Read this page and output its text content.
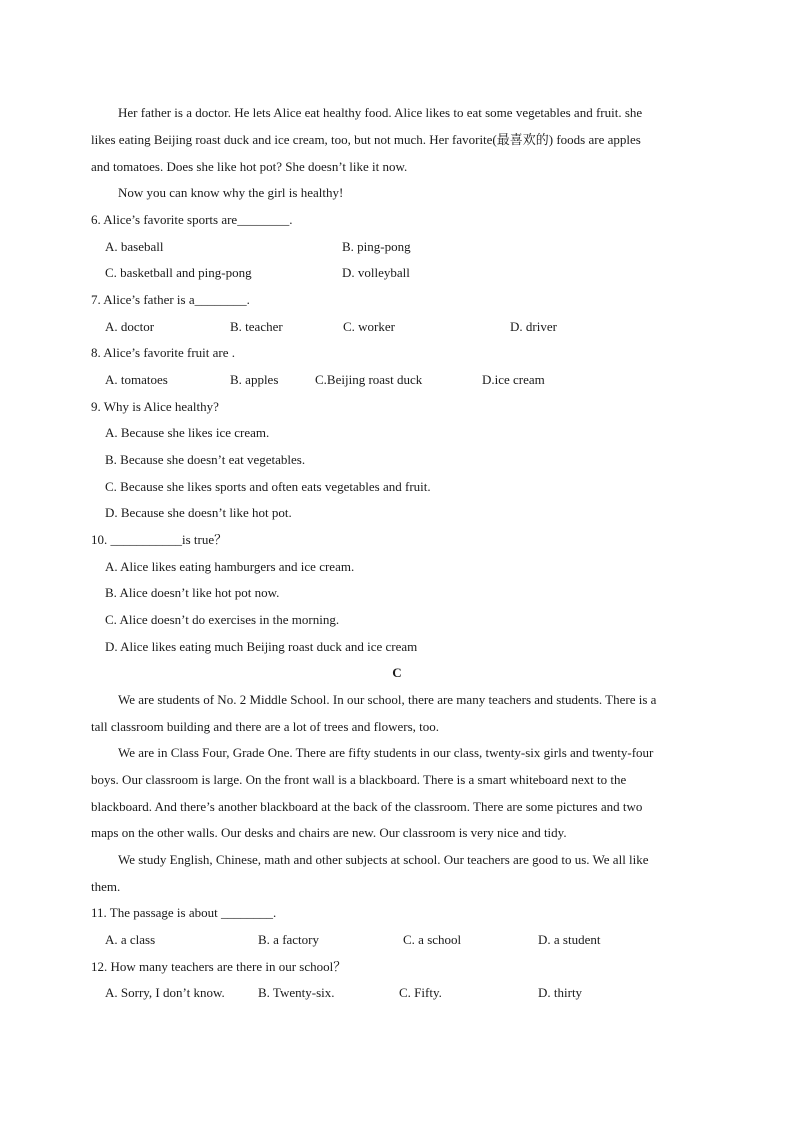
Her father is a doctor. He lets Alice eat healthy food. Alice likes to eat some vegetables and fruit. she
likes eating Beijing roast duck and ice cream, too, but not much. Her favorite(最喜欢的) foods are apples
and tomatoes. Does she like hot pot? She doesn’t like it now.
Now you can know why the girl is healthy!
6. Alice’s favorite sports are________.
A. baseball	B. ping-pong
C. basketball and ping-pong	D. volleyball
7. Alice’s father is a________.
A. doctor	B. teacher	C. worker	D. driver
8. Alice’s favorite fruit are .
A. tomatoes	B. apples	C.Beijing roast duck	D.ice cream
9. Why is Alice healthy?
A. Because she likes ice cream.
B. Because she doesn’t eat vegetables.
C. Because she likes sports and often eats vegetables and fruit.
D. Because she doesn’t like hot pot.
10. ___________is true？
A. Alice likes eating hamburgers and ice cream.
B. Alice doesn’t like hot pot now.
C. Alice doesn’t do exercises in the morning.
D. Alice likes eating much Beijing roast duck and ice cream
C
We are students of No. 2 Middle School. In our school, there are many teachers and students. There is a
tall classroom building and there are a lot of trees and flowers, too.
We are in Class Four, Grade One. There are fifty students in our class, twenty-six girls and twenty-four
boys. Our classroom is large. On the front wall is a blackboard. There is a smart whiteboard next to the
blackboard. And there’s another blackboard at the back of the classroom. There are some pictures and two
maps on the other walls. Our desks and chairs are new. Our classroom is very nice and tidy.
We study English, Chinese, math and other subjects at school. Our teachers are good to us. We all like
them.
11. The passage is about ________.
A. a class	B. a factory	C. a school	D. a student
12. How many teachers are there in our school？
A. Sorry, I don’t know.	B. Twenty-six.	C. Fifty.	D. thirty
